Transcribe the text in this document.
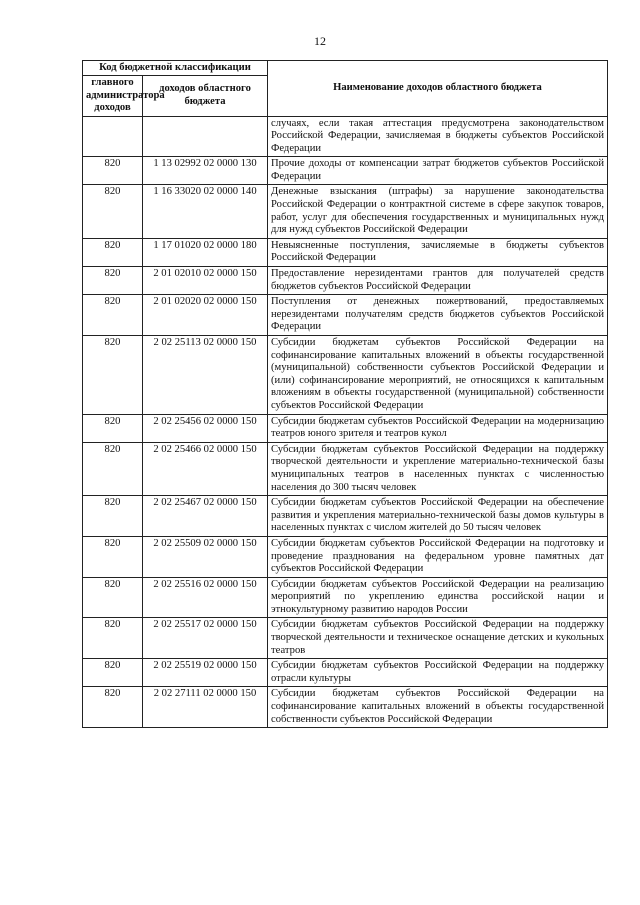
12
Код бюджетной классификации		Наименование доходов областного бюджета
главного администратора доходов	доходов областного бюджета	
		случаях, если такая аттестация предусмотрена законодательством Российской Федерации, зачисляемая в бюджеты субъектов Российской Федерации
820	1 13 02992 02 0000 130	Прочие доходы от компенсации затрат бюджетов субъектов Российской Федерации
820	1 16 33020 02 0000 140	Денежные взыскания (штрафы) за нарушение законодательства Российской Федерации о контрактной системе в сфере закупок товаров, работ, услуг для обеспечения государственных и муниципальных нужд для нужд субъектов Российской Федерации
820	1 17 01020 02 0000 180	Невыясненные поступления, зачисляемые в бюджеты субъектов Российской Федерации
820	2 01 02010 02 0000 150	Предоставление нерезидентами грантов для получателей средств бюджетов субъектов Российской Федерации
820	2 01 02020 02 0000 150	Поступления от денежных пожертвований, предоставляемых нерезидентами получателям средств бюджетов субъектов Российской Федерации
820	2 02 25113 02 0000 150	Субсидии бюджетам субъектов Российской Федерации на софинансирование капитальных вложений в объекты государственной (муниципальной) собственности субъектов Российской Федерации и (или) софинансирование мероприятий, не относящихся к капитальным вложениям в объекты государственной (муниципальной) собственности субъектов Российской Федерации
820	2 02 25456 02 0000 150	Субсидии бюджетам субъектов Российской Федерации на модернизацию театров юного зрителя и театров кукол
820	2 02 25466 02 0000 150	Субсидии бюджетам субъектов Российской Федерации на поддержку творческой деятельности и укрепление материально-технической базы муниципальных театров в населенных пунктах с численностью населения до 300 тысяч человек
820	2 02 25467 02 0000 150	Субсидии бюджетам субъектов Российской Федерации на обеспечение развития и укрепления материально-технической базы домов культуры в населенных пунктах с числом жителей до 50 тысяч человек
820	2 02 25509 02 0000 150	Субсидии бюджетам субъектов Российской Федерации на подготовку и проведение празднования на федеральном уровне памятных дат субъектов Российской Федерации
820	2 02 25516 02 0000 150	Субсидии бюджетам субъектов Российской Федерации на реализацию мероприятий по укреплению единства российской нации и этнокультурному развитию народов России
820	2 02 25517 02 0000 150	Субсидии бюджетам субъектов Российской Федерации на поддержку творческой деятельности и техническое оснащение детских и кукольных театров
820	2 02 25519 02 0000 150	Субсидии бюджетам субъектов Российской Федерации на поддержку отрасли культуры
820	2 02 27111 02 0000 150	Субсидии бюджетам субъектов Российской Федерации на софинансирование капитальных вложений в объекты государственной собственности субъектов Российской Федерации
